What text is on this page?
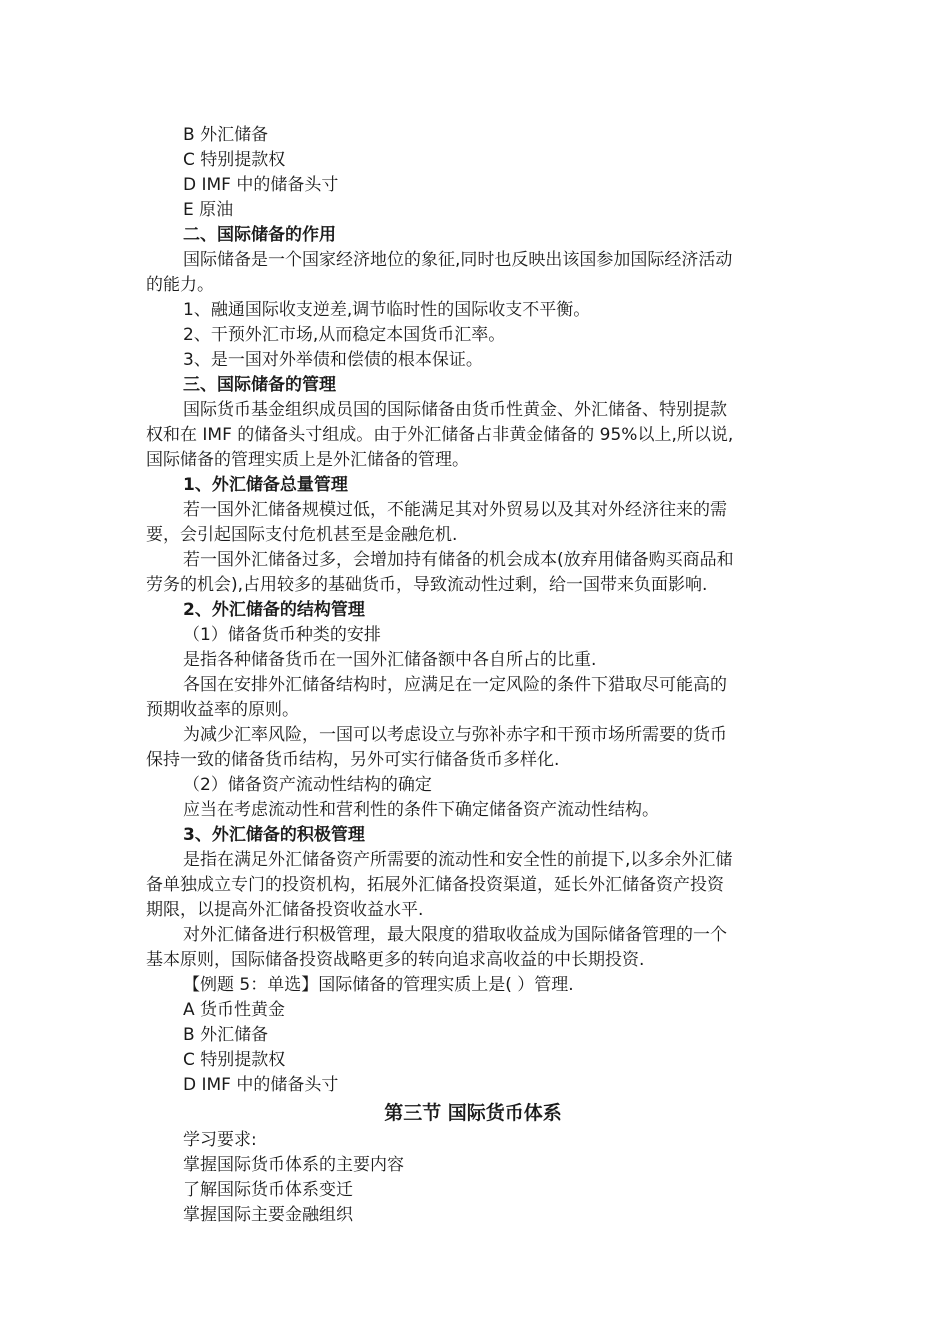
B 外汇储备
C 特别提款权
D IMF 中的储备头寸
E 原油
二、国际储备的作用
国际储备是一个国家经济地位的象征,同时也反映出该国参加国际经济活动
的能力。
1、融通国际收支逆差,调节临时性的国际收支不平衡。
2、干预外汇市场,从而稳定本国货币汇率。
3、是一国对外举债和偿债的根本保证。
三、国际储备的管理
国际货币基金组织成员国的国际储备由货币性黄金、外汇储备、特别提款
权和在 IMF 的储备头寸组成。由于外汇储备占非黄金储备的 95%以上,所以说,
国际储备的管理实质上是外汇储备的管理。
1、外汇储备总量管理
若一国外汇储备规模过低，不能满足其对外贸易以及其对外经济往来的需
要，会引起国际支付危机甚至是金融危机.
若一国外汇储备过多，会增加持有储备的机会成本(放弃用储备购买商品和
劳务的机会),占用较多的基础货币，导致流动性过剩，给一国带来负面影响.
2、外汇储备的结构管理
（1）储备货币种类的安排
是指各种储备货币在一国外汇储备额中各自所占的比重.
各国在安排外汇储备结构时，应满足在一定风险的条件下猎取尽可能高的
预期收益率的原则。
为减少汇率风险，一国可以考虑设立与弥补赤字和干预市场所需要的货币
保持一致的储备货币结构，另外可实行储备货币多样化.
（2）储备资产流动性结构的确定
应当在考虑流动性和营利性的条件下确定储备资产流动性结构。
3、外汇储备的积极管理
是指在满足外汇储备资产所需要的流动性和安全性的前提下,以多余外汇储
备单独成立专门的投资机构，拓展外汇储备投资渠道，延长外汇储备资产投资
期限，以提高外汇储备投资收益水平.
对外汇储备进行积极管理，最大限度的猎取收益成为国际储备管理的一个
基本原则，国际储备投资战略更多的转向追求高收益的中长期投资.
【例题 5：单选】国际储备的管理实质上是( ）管理.
A 货币性黄金
B 外汇储备
C 特别提款权
D IMF 中的储备头寸
第三节 国际货币体系
学习要求:
掌握国际货币体系的主要内容
了解国际货币体系变迁
掌握国际主要金融组织
